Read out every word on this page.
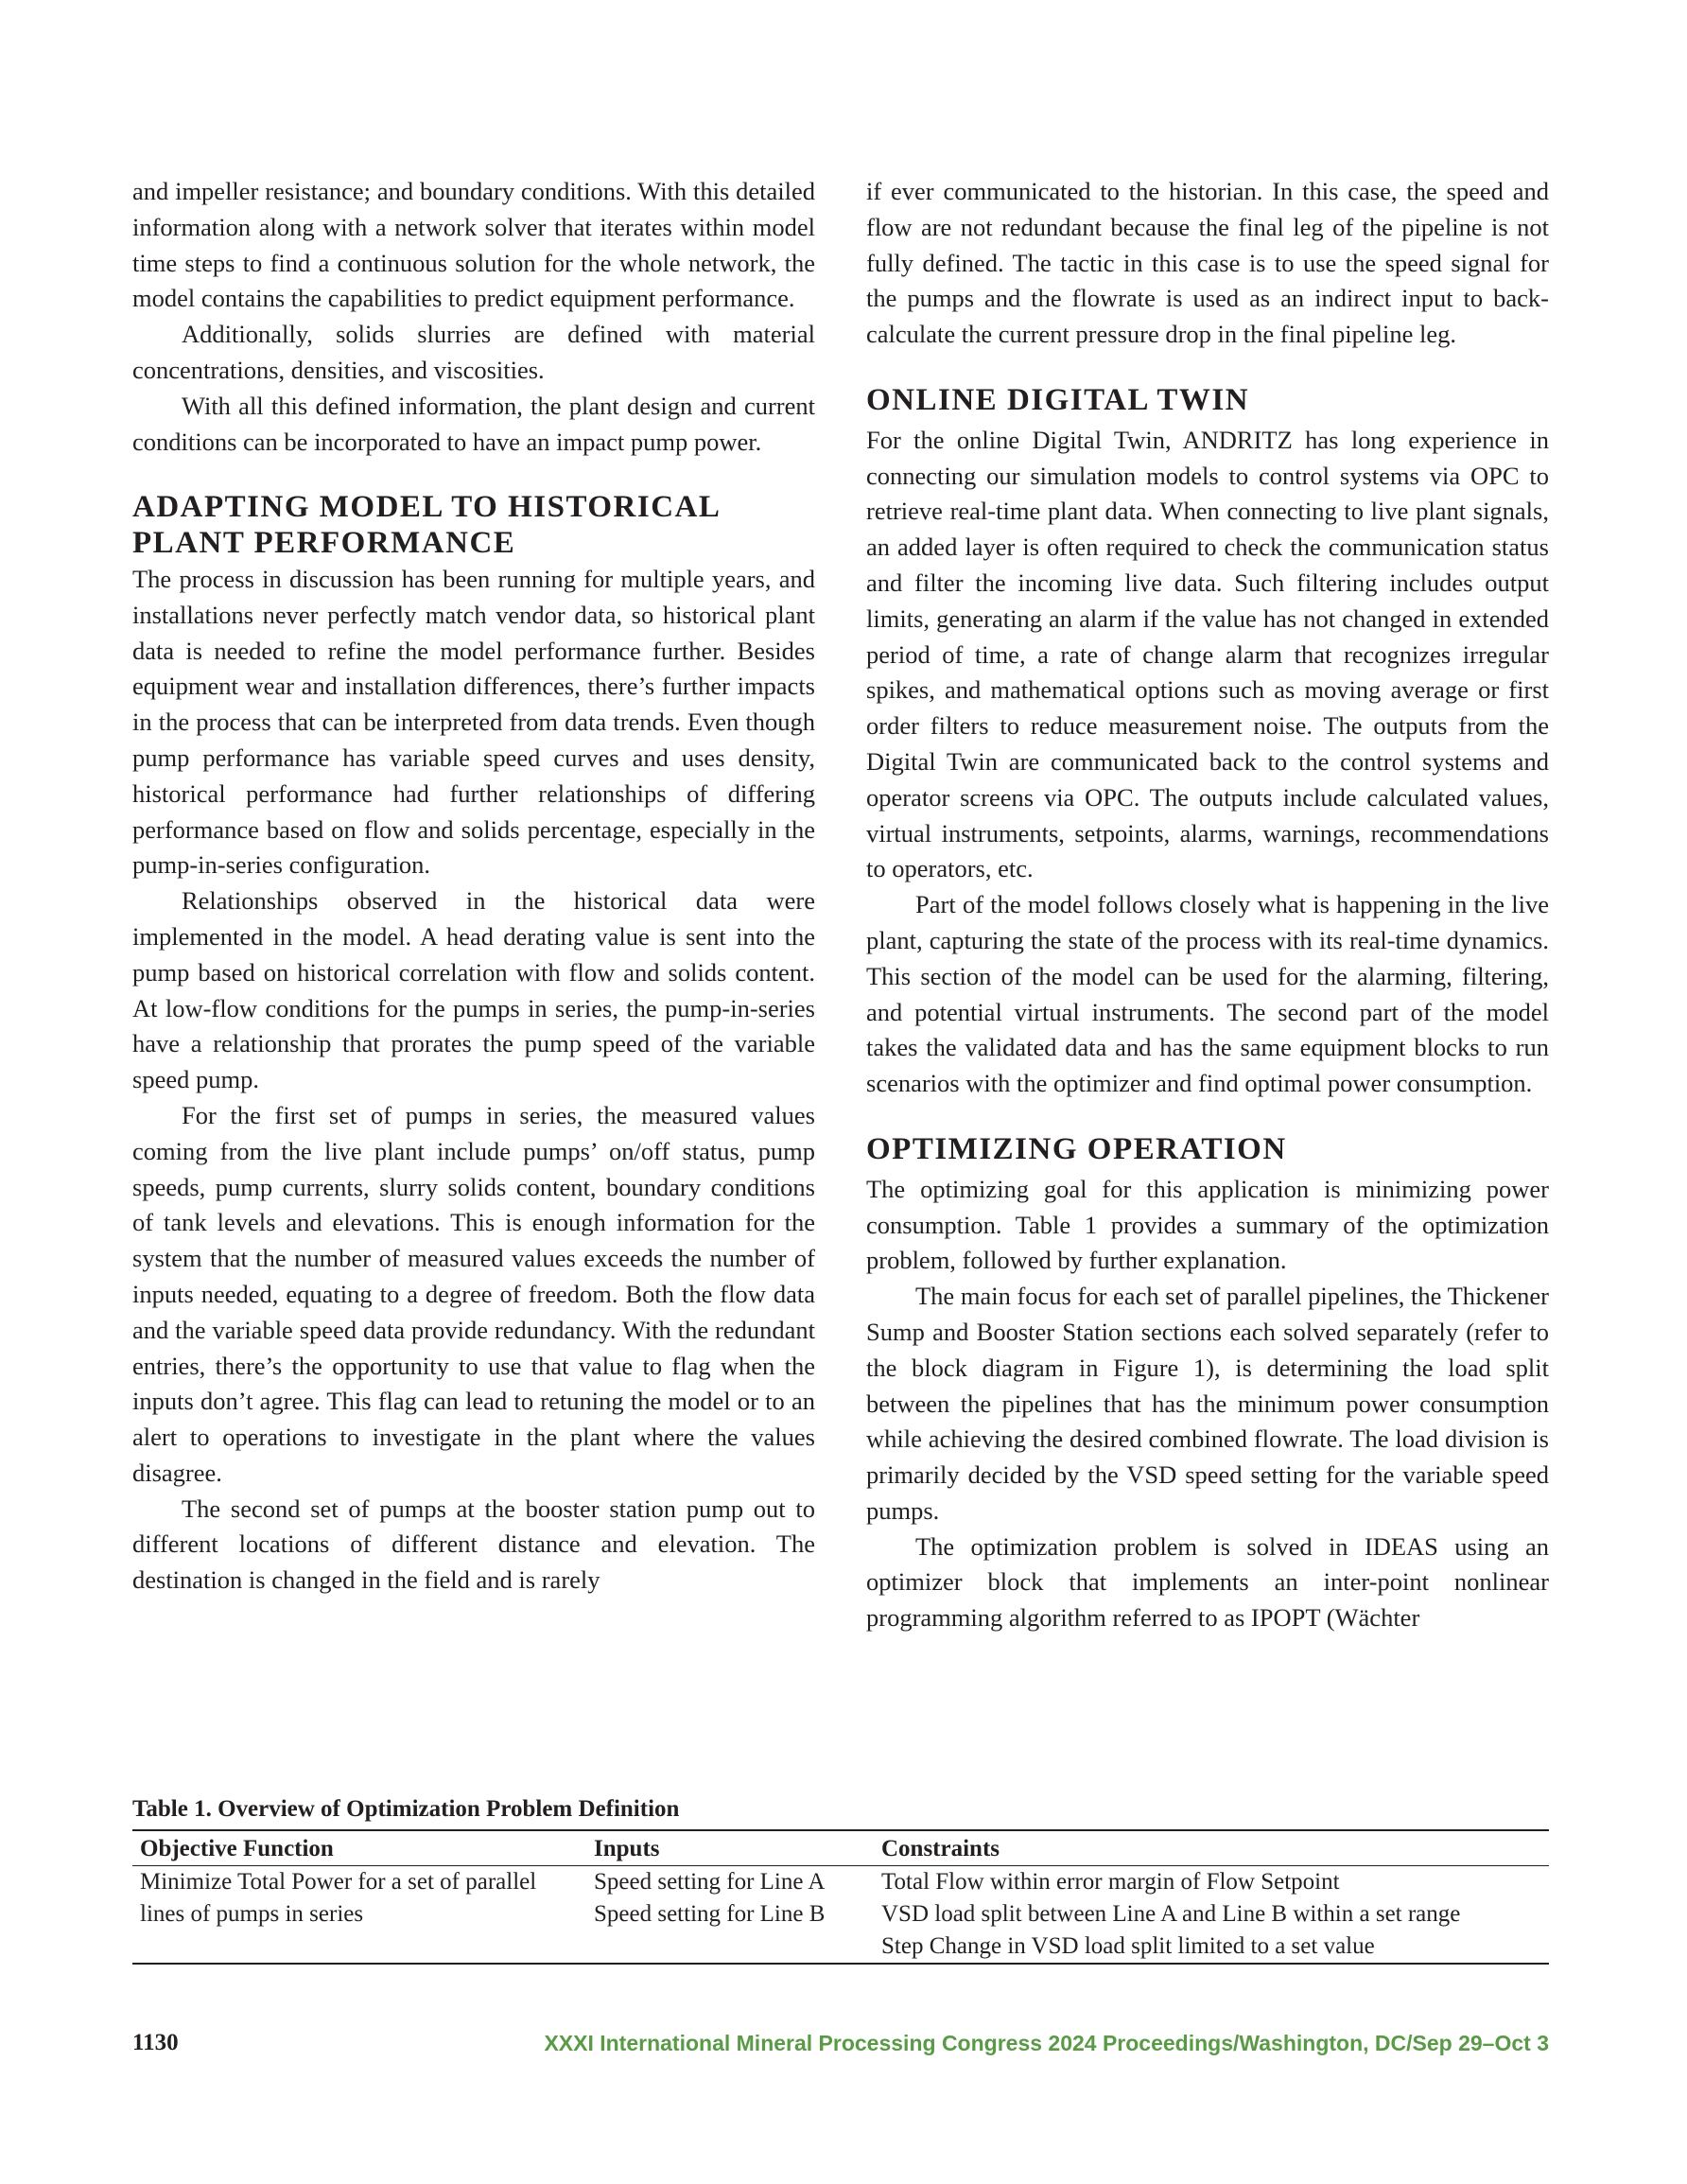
and impeller resistance; and boundary conditions. With this detailed information along with a network solver that iterates within model time steps to find a continuous solution for the whole network, the model contains the capabilities to predict equipment performance.

Additionally, solids slurries are defined with material concentrations, densities, and viscosities.

With all this defined information, the plant design and current conditions can be incorporated to have an impact pump power.

ADAPTING MODEL TO HISTORICAL PLANT PERFORMANCE

The process in discussion has been running for multiple years, and installations never perfectly match vendor data, so historical plant data is needed to refine the model performance further. Besides equipment wear and installation differences, there’s further impacts in the process that can be interpreted from data trends. Even though pump performance has variable speed curves and uses density, historical performance had further relationships of differing performance based on flow and solids percentage, especially in the pump-in-series configuration.

Relationships observed in the historical data were implemented in the model. A head derating value is sent into the pump based on historical correlation with flow and solids content. At low-flow conditions for the pumps in series, the pump-in-series have a relationship that prorates the pump speed of the variable speed pump.

For the first set of pumps in series, the measured values coming from the live plant include pumps’ on/off status, pump speeds, pump currents, slurry solids content, boundary conditions of tank levels and elevations. This is enough information for the system that the number of measured values exceeds the number of inputs needed, equating to a degree of freedom. Both the flow data and the variable speed data provide redundancy. With the redundant entries, there’s the opportunity to use that value to flag when the inputs don’t agree. This flag can lead to retuning the model or to an alert to operations to investigate in the plant where the values disagree.

The second set of pumps at the booster station pump out to different locations of different distance and elevation. The destination is changed in the field and is rarely

if ever communicated to the historian. In this case, the speed and flow are not redundant because the final leg of the pipeline is not fully defined. The tactic in this case is to use the speed signal for the pumps and the flowrate is used as an indirect input to back-calculate the current pressure drop in the final pipeline leg.

ONLINE DIGITAL TWIN

For the online Digital Twin, ANDRITZ has long experience in connecting our simulation models to control systems via OPC to retrieve real-time plant data. When connecting to live plant signals, an added layer is often required to check the communication status and filter the incoming live data. Such filtering includes output limits, generating an alarm if the value has not changed in extended period of time, a rate of change alarm that recognizes irregular spikes, and mathematical options such as moving average or first order filters to reduce measurement noise. The outputs from the Digital Twin are communicated back to the control systems and operator screens via OPC. The outputs include calculated values, virtual instruments, setpoints, alarms, warnings, recommendations to operators, etc.

Part of the model follows closely what is happening in the live plant, capturing the state of the process with its real-time dynamics. This section of the model can be used for the alarming, filtering, and potential virtual instruments. The second part of the model takes the validated data and has the same equipment blocks to run scenarios with the optimizer and find optimal power consumption.

OPTIMIZING OPERATION

The optimizing goal for this application is minimizing power consumption. Table 1 provides a summary of the optimization problem, followed by further explanation.

The main focus for each set of parallel pipelines, the Thickener Sump and Booster Station sections each solved separately (refer to the block diagram in Figure 1), is determining the load split between the pipelines that has the minimum power consumption while achieving the desired combined flowrate. The load division is primarily decided by the VSD speed setting for the variable speed pumps.

The optimization problem is solved in IDEAS using an optimizer block that implements an inter-point nonlinear programming algorithm referred to as IPOPT (Wächter

Table 1. Overview of Optimization Problem Definition
Objective Function	Inputs	Constraints
Minimize Total Power for a set of parallel	Speed setting for Line A	Total Flow within error margin of Flow Setpoint
lines of pumps in series	Speed setting for Line B	VSD load split between Line A and Line B within a set range
		Step Change in VSD load split limited to a set value
1130	XXXI International Mineral Processing Congress 2024 Proceedings/Washington, DC/Sep 29–Oct 3
